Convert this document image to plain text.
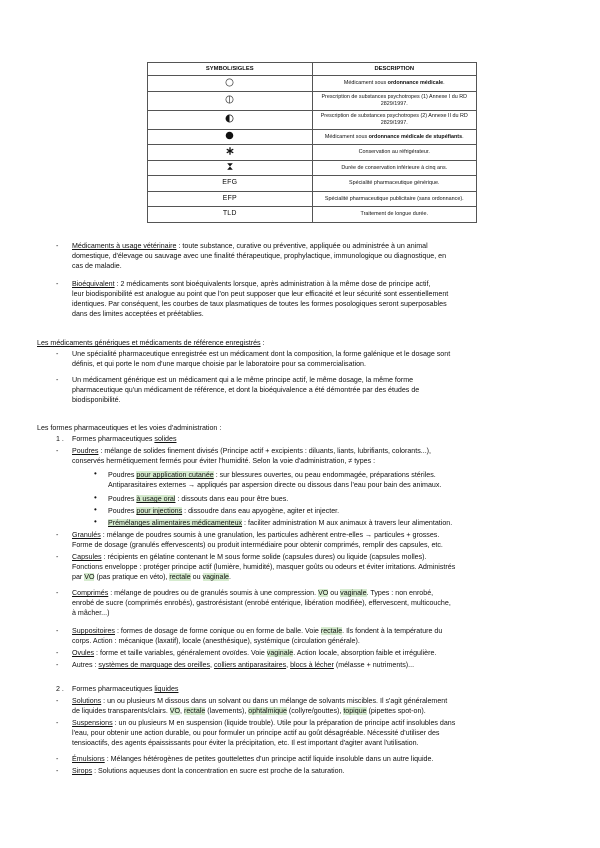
SYMBOL/SIGLES	DESCRIPTION
	Médicament sous ordonnance médicale.
	Prescription de substances psychotropes (1) Annexe I du RD
2829/1997.
	Prescription de substances psychotropes (2) Annexe II du RD
2829/1997.
	Médicament sous ordonnance médicale de stupéfiants.
	Conservation au réfrigérateur.
	Durée de conservation inférieure à cinq ans.
EFG	Spécialité pharmaceutique générique.
EFP	Spécialité pharmaceutique publicitaire (sans ordonnance).
TLD	Traitement de longue durée.
- Médicaments à usage vétérinaire : toute substance, curative ou préventive, appliquée ou administrée à un animal
domestique, d'élevage ou sauvage avec une finalité thérapeutique, prophylactique, immunologique ou diagnostique, en
cas de maladie.
- Bioéquivalent : 2 médicaments sont bioéquivalents lorsque, après administration à la même dose de principe actif,
leur biodisponibilité est analogue au point que l'on peut supposer que leur efficacité et leur sécurité sont essentiellement
identiques. Par conséquent, les courbes de taux plasmatiques de toutes les formes posologiques seront superposables
dans des limites acceptées et préétablies.
Les médicaments génériques et médicaments de référence enregistrés :
- Une spécialité pharmaceutique enregistrée est un médicament dont la composition, la forme galénique et le dosage sont
définis, et qui porte le nom d'une marque choisie par le laboratoire pour sa commercialisation.
- Un médicament générique est un médicament qui a le même principe actif, le même dosage, la même forme
pharmaceutique qu'un médicament de référence, et dont la bioéquivalence a été démontrée par des études de
biodisponibilité.
Les formes pharmaceutiques et les voies d'administration :
1 . Formes pharmaceutiques solides
- Poudres : mélange de solides finement divisés (Principe actif + excipients : diluants, liants, lubrifiants, colorants...),
conservés hermétiquement fermés pour éviter l'humidité. Selon la voie d'administration, ≠ types :
• Poudres pour application cutanée : sur blessures ouvertes, ou peau endommagée, préparations stériles.
Antiparasitaires externes → appliqués par aspersion directe ou dissous dans l'eau pour bain des animaux.
• Poudres à usage oral : dissouts dans eau pour être bues.
• Poudres pour injections : dissoudre dans eau apyogène, agiter et injecter.
• Prémélanges alimentaires médicamenteux : faciliter administration M aux animaux à travers leur alimentation.
- Granulés : mélange de poudres soumis à une granulation, les particules adhèrent entre-elles → particules + grosses.
Forme de dosage (granulés effervescents) ou produit intermédiaire pour obtenir comprimés, remplir des capsules, etc.
- Capsules : récipients en gélatine contenant le M sous forme solide (capsules dures) ou liquide (capsules molles).
Fonctions enveloppe : protéger principe actif (lumière, humidité), masquer goûts ou odeurs et éviter irritations. Administrés
par VO (pas pratique en véto), rectale ou vaginale.
- Comprimés : mélange de poudres ou de granulés soumis à une compression. VO ou vaginale. Types : non enrobé,
enrobé de sucre (comprimés enrobés), gastrorésistant (enrobé entérique, libération modifiée), effervescent, multicouche,
à mâcher...)
- Suppositoires : formes de dosage de forme conique ou en forme de balle. Voie rectale. Ils fondent à la température du
corps. Action : mécanique (laxatif), locale (anesthésique), systémique (circulation générale).
- Ovules : forme et taille variables, généralement ovoïdes. Voie vaginale. Action locale, absorption faible et irrégulière.
- Autres : systèmes de marquage des oreilles, colliers antiparasitaires, blocs à lécher (mélasse + nutriments)...
2 . Formes pharmaceutiques liquides
- Solutions : un ou plusieurs M dissous dans un solvant ou dans un mélange de solvants miscibles. Il s'agit généralement
de liquides transparents/clairs. VO, rectale (lavements), ophtalmique (collyre/gouttes), topique (pipettes spot-on).
- Suspensions : un ou plusieurs M en suspension (liquide trouble). Utile pour la préparation de principe actif insolubles dans
l'eau, pour obtenir une action durable, ou pour formuler un principe actif au goût désagréable. Nécessité d'utiliser des
tensioactifs, des agents épaississants pour éviter la précipitation, etc. Il est important d'agiter avant l'utilisation.
- Émulsions : Mélanges hétérogènes de petites gouttelettes d'un principe actif liquide insoluble dans un autre liquide.
- Sirops : Solutions aqueuses dont la concentration en sucre est proche de la saturation.
